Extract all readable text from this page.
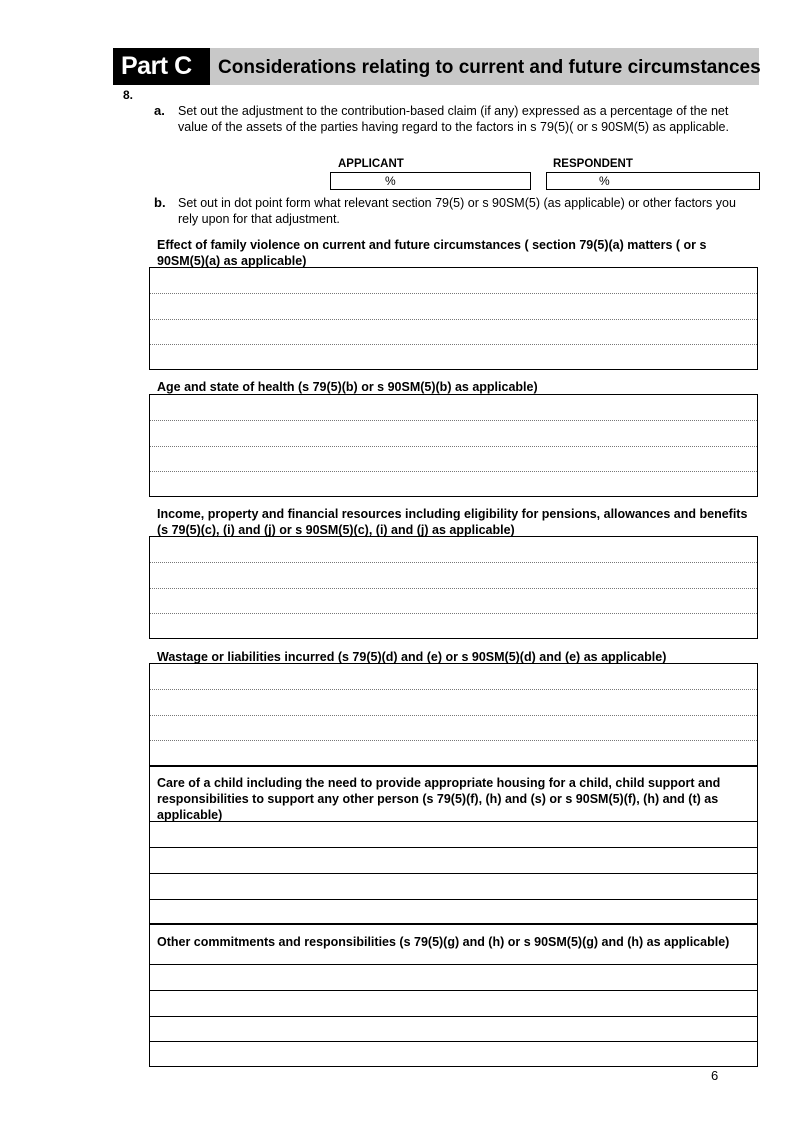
Part C Considerations relating to current and future circumstances
8.
a. Set out the adjustment to the contribution-based claim (if any) expressed as a percentage of the net value of the assets of the parties having regard to the factors in s 79(5)( or s 90SM(5) as applicable.
APPLICANT	RESPONDENT
%	%
b. Set out in dot point form what relevant section 79(5) or s 90SM(5) (as applicable) or other factors you rely upon for that adjustment.
Effect of family violence on current and future circumstances ( section 79(5)(a) matters ( or s 90SM(5)(a) as applicable)
Age and state of health (s 79(5)(b) or s 90SM(5)(b) as applicable)
Income, property and financial resources including eligibility for pensions, allowances and benefits (s 79(5)(c), (i) and (j) or s 90SM(5)(c), (i) and (j) as applicable)
Wastage or liabilities incurred (s 79(5)(d) and (e) or s 90SM(5)(d) and (e) as applicable)
Care of a child including the need to provide appropriate housing for a child, child support and responsibilities to support any other person (s 79(5)(f), (h) and (s) or s 90SM(5)(f), (h) and (t) as applicable)
Other commitments and responsibilities (s 79(5)(g) and (h) or s 90SM(5)(g) and (h) as applicable)
6
